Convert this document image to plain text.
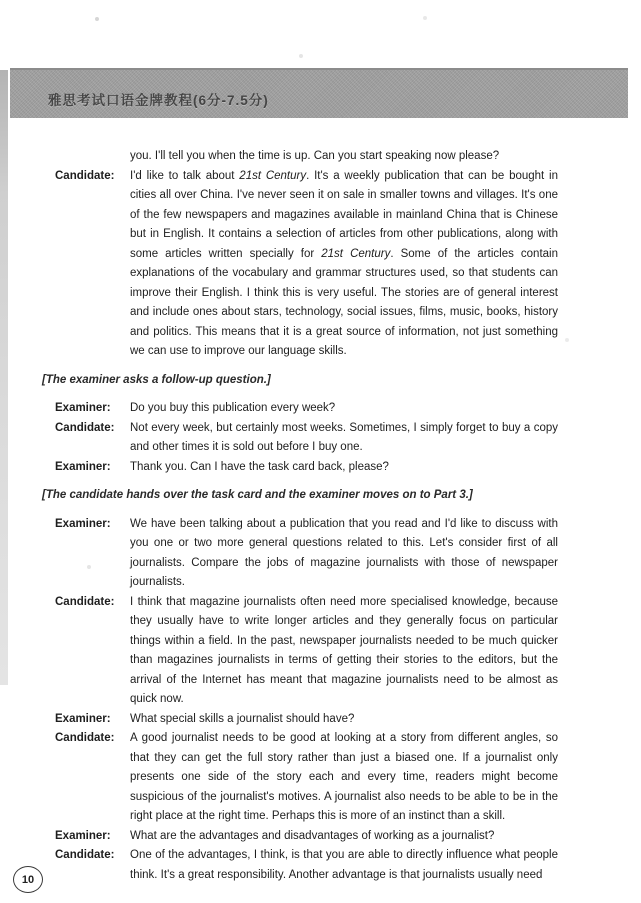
雅思考试口语金牌教程(6分-7.5分)
you. I'll tell you when the time is up. Can you start speaking now please?
Candidate:	I'd like to talk about 21st Century. It's a weekly publication that can be bought in cities all over China. I've never seen it on sale in smaller towns and villages. It's one of the few newspapers and magazines available in mainland China that is Chinese but in English. It contains a selection of articles from other publications, along with some articles written specially for 21st Century. Some of the articles contain explanations of the vocabulary and grammar structures used, so that students can improve their English. I think this is very useful. The stories are of general interest and include ones about stars, technology, social issues, films, music, books, history and politics. This means that it is a great source of information, not just something we can use to improve our language skills.
[The examiner asks a follow-up question.]
Examiner:	Do you buy this publication every week?
Candidate:	Not every week, but certainly most weeks. Sometimes, I simply forget to buy a copy and other times it is sold out before I buy one.
Examiner:	Thank you. Can I have the task card back, please?
[The candidate hands over the task card and the examiner moves on to Part 3.]
Examiner:	We have been talking about a publication that you read and I'd like to discuss with you one or two more general questions related to this. Let's consider first of all journalists. Compare the jobs of magazine journalists with those of newspaper journalists.
Candidate:	I think that magazine journalists often need more specialised knowledge, because they usually have to write longer articles and they generally focus on particular things within a field. In the past, newspaper journalists needed to be much quicker than magazines journalists in terms of getting their stories to the editors, but the arrival of the Internet has meant that magazine journalists need to be almost as quick now.
Examiner:	What special skills a journalist should have?
Candidate:	A good journalist needs to be good at looking at a story from different angles, so that they can get the full story rather than just a biased one. If a journalist only presents one side of the story each and every time, readers might become suspicious of the journalist's motives. A journalist also needs to be able to be in the right place at the right time. Perhaps this is more of an instinct than a skill.
Examiner:	What are the advantages and disadvantages of working as a journalist?
Candidate:	One of the advantages, I think, is that you are able to directly influence what people think. It's a great responsibility. Another advantage is that journalists usually need
10
